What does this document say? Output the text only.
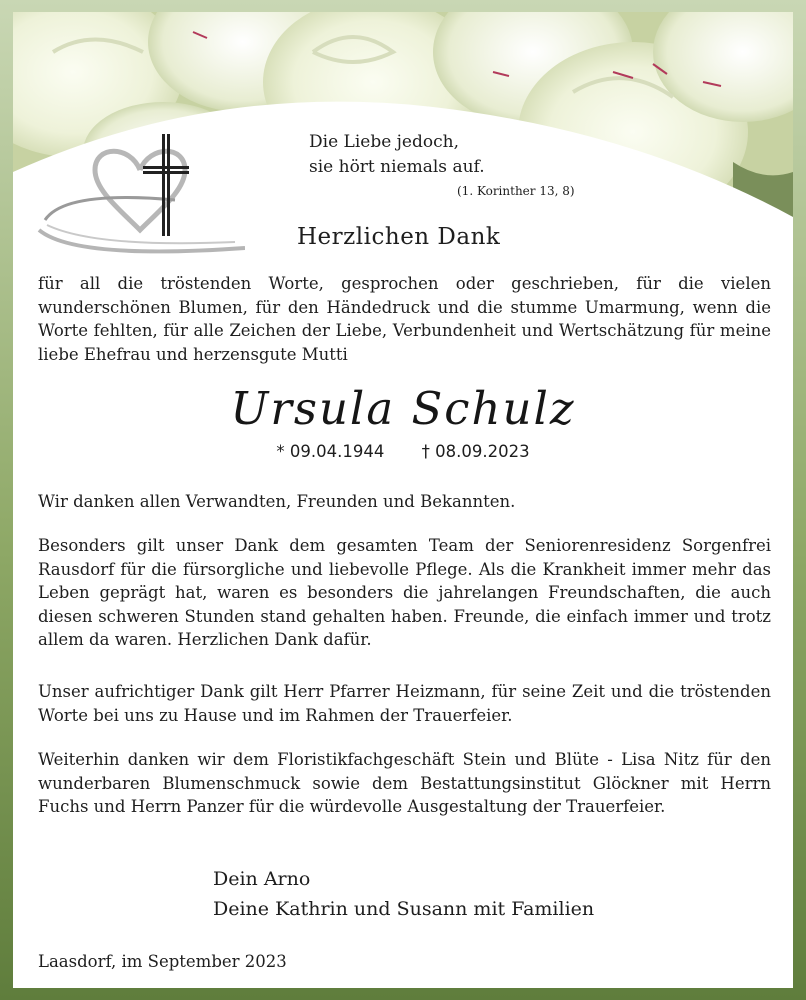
Die Liebe jedoch,
sie hört niemals auf.
(1. Korinther 13, 8)
Herzlichen Dank
für all die tröstenden Worte, gesprochen oder geschrieben, für die vielen wunderschönen Blumen, für den Händedruck und die stumme Umarmung, wenn die Worte fehlten, für alle Zeichen der Liebe, Verbundenheit und Wertschätzung für meine liebe Ehefrau und herzensgute Mutti
Ursula Schulz
* 09.04.1944 † 08.09.2023
Wir danken allen Verwandten, Freunden und Bekannten.
Besonders gilt unser Dank dem gesamten Team der Seniorenresidenz Sorgenfrei Rausdorf für die fürsorgliche und liebevolle Pflege. Als die Krankheit immer mehr das Leben geprägt hat, waren es besonders die jahrelangen Freundschaften, die auch diesen schweren Stunden stand gehalten haben. Freunde, die einfach immer und trotz allem da waren. Herzlichen Dank dafür.
Unser aufrichtiger Dank gilt Herr Pfarrer Heizmann, für seine Zeit und die tröstenden Worte bei uns zu Hause und im Rahmen der Trauerfeier.
Weiterhin danken wir dem Floristikfachgeschäft Stein und Blüte - Lisa Nitz für den wunderbaren Blumenschmuck sowie dem Bestattungsinstitut Glöckner mit Herrn Fuchs und Herrn Panzer für die würdevolle Ausgestaltung der Trauerfeier.
Dein Arno
Deine Kathrin und Susann mit Familien
Laasdorf, im September 2023
